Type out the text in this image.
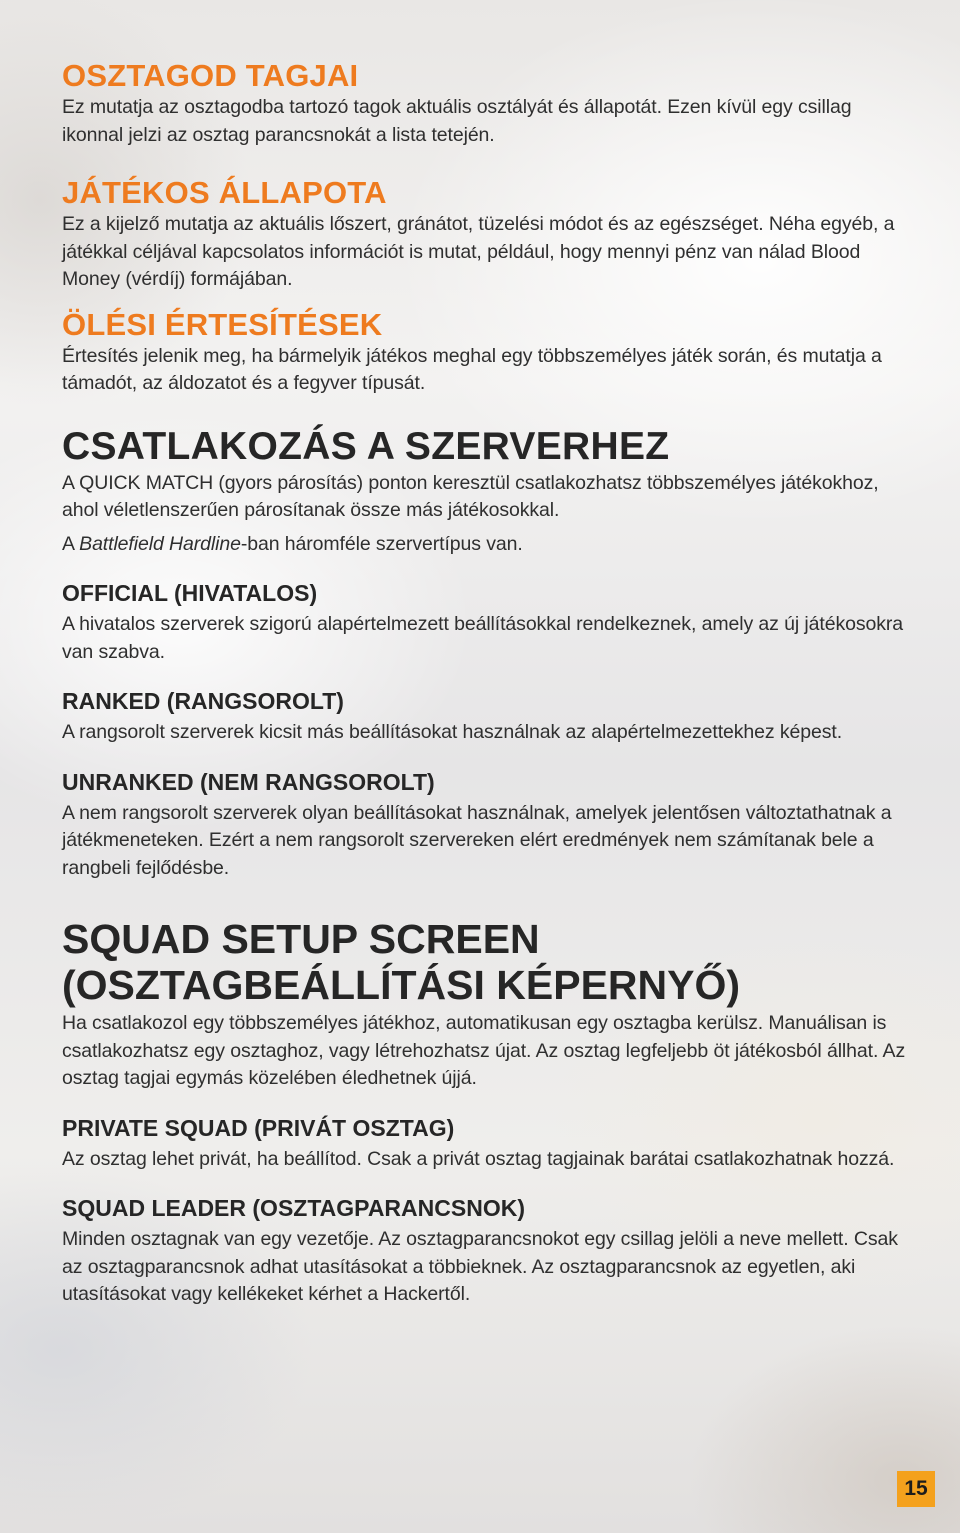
OSZTAGOD TAGJAI

Ez mutatja az osztagodba tartozó tagok aktuális osztályát és állapotát. Ezen kívül egy csillag ikonnal jelzi az osztag parancsnokát a lista tetején.

JÁTÉKOS ÁLLAPOTA

Ez a kijelző mutatja az aktuális lőszert, gránátot, tüzelési módot és az egészséget. Néha egyéb, a játékkal céljával kapcsolatos információt is mutat, például, hogy mennyi pénz van nálad Blood Money (vérdíj) formájában.

ÖLÉSI ÉRTESÍTÉSEK

Értesítés jelenik meg, ha bármelyik játékos meghal egy többszemélyes játék során, és mutatja a támadót, az áldozatot és a fegyver típusát.

CSATLAKOZÁS A SZERVERHEZ

A QUICK MATCH (gyors párosítás) ponton keresztül csatlakozhatsz többszemélyes játékokhoz, ahol véletlenszerűen párosítanak össze más játékosokkal.

A Battlefield Hardline-ban háromféle szervertípus van.

OFFICIAL (HIVATALOS)

A hivatalos szerverek szigorú alapértelmezett beállításokkal rendelkeznek, amely az új játékosokra van szabva.

RANKED (RANGSOROLT)

A rangsorolt szerverek kicsit más beállításokat használnak az alapértelmezettekhez képest.

UNRANKED (NEM RANGSOROLT)

A nem rangsorolt szerverek olyan beállításokat használnak, amelyek jelentősen változtathatnak a játékmeneteken. Ezért a nem rangsorolt szervereken elért eredmények nem számítanak bele a rangbeli fejlődésbe.

SQUAD SETUP SCREEN
(OSZTAGBEÁLLÍTÁSI KÉPERNYŐ)

Ha csatlakozol egy többszemélyes játékhoz, automatikusan egy osztagba kerülsz. Manuálisan is csatlakozhatsz egy osztaghoz, vagy létrehozhatsz újat. Az osztag legfeljebb öt játékosból állhat. Az osztag tagjai egymás közelében éledhetnek újjá.

PRIVATE SQUAD (PRIVÁT OSZTAG)

Az osztag lehet privát, ha beállítod. Csak a privát osztag tagjainak barátai csatlakozhatnak hozzá.

SQUAD LEADER (OSZTAGPARANCSNOK)

Minden osztagnak van egy vezetője. Az osztagparancsnokot egy csillag jelöli a neve mellett. Csak az osztagparancsnok adhat utasításokat a többieknek. Az osztagparancsnok az egyetlen, aki utasításokat vagy kellékeket kérhet a Hackertől.

15
